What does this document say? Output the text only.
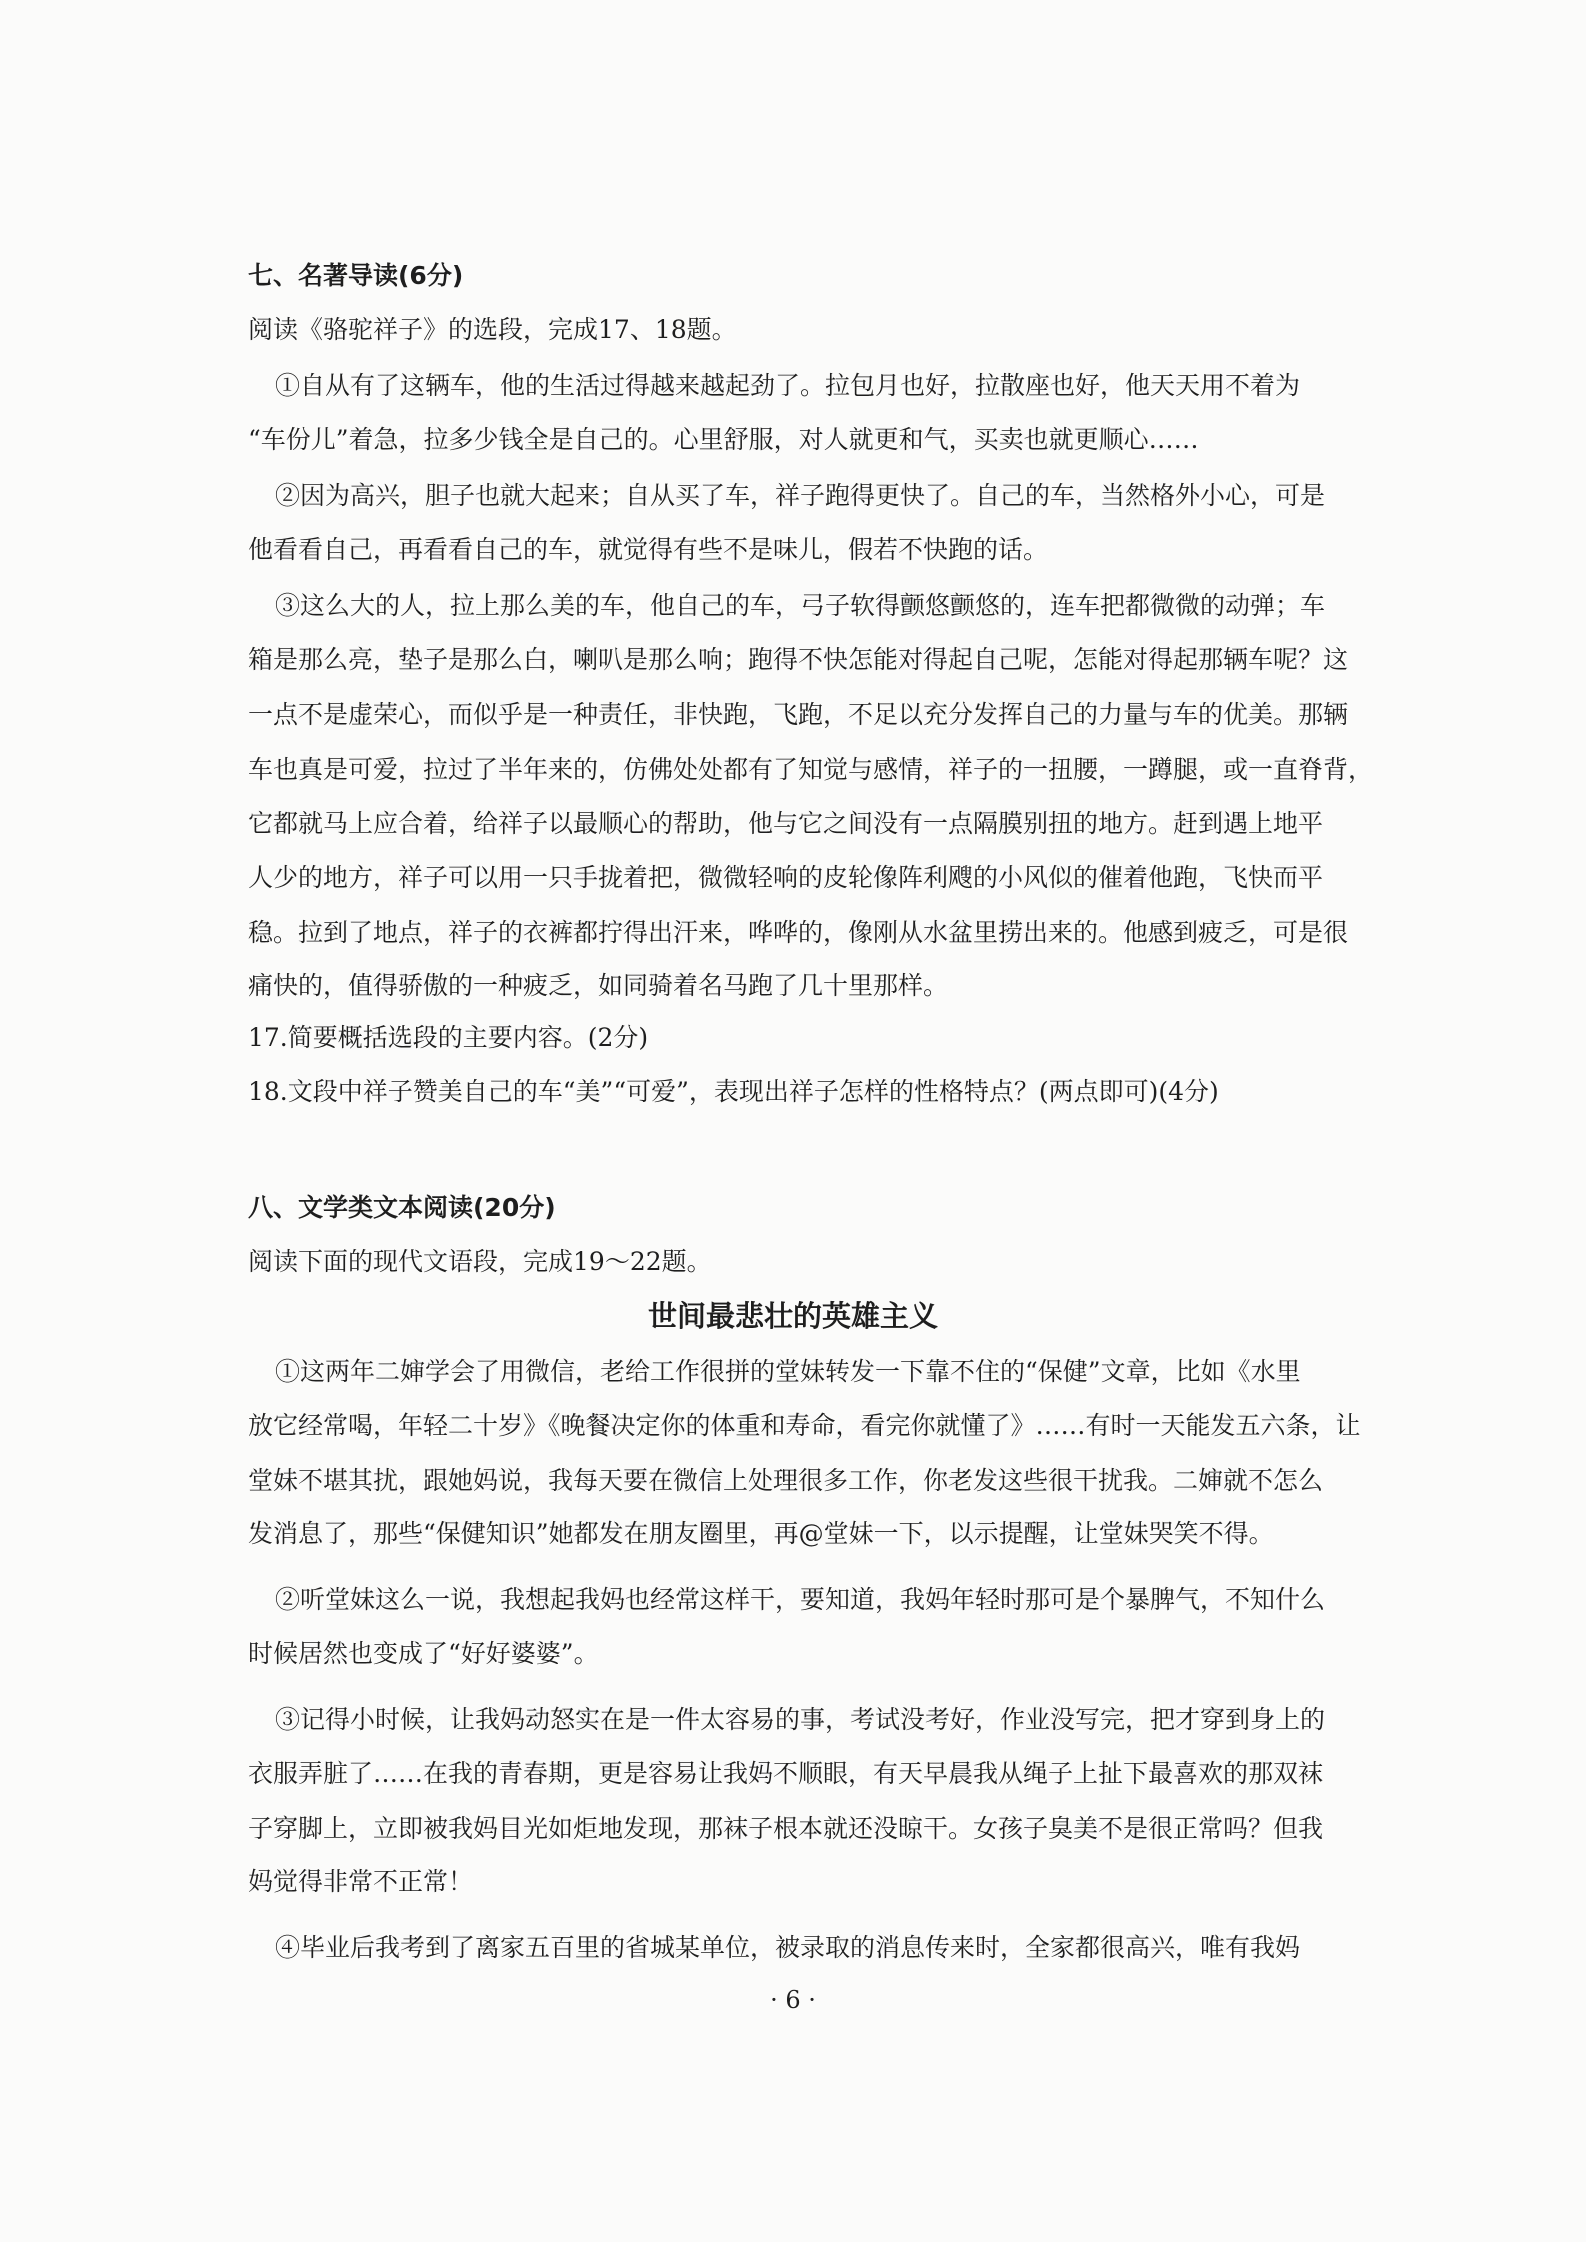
七、名著导读(6分)
阅读《骆驼祥子》的选段，完成17、18题。
①自从有了这辆车，他的生活过得越来越起劲了。拉包月也好，拉散座也好，他天天用不着为
“车份儿”着急，拉多少钱全是自己的。心里舒服，对人就更和气，买卖也就更顺心……
②因为高兴，胆子也就大起来；自从买了车，祥子跑得更快了。自己的车，当然格外小心，可是
他看看自己，再看看自己的车，就觉得有些不是味儿，假若不快跑的话。
③这么大的人，拉上那么美的车，他自己的车，弓子软得颤悠颤悠的，连车把都微微的动弹；车
箱是那么亮，垫子是那么白，喇叭是那么响；跑得不快怎能对得起自己呢，怎能对得起那辆车呢？这
一点不是虚荣心，而似乎是一种责任，非快跑，飞跑，不足以充分发挥自己的力量与车的优美。那辆
车也真是可爱，拉过了半年来的，仿佛处处都有了知觉与感情，祥子的一扭腰，一蹲腿，或一直脊背，
它都就马上应合着，给祥子以最顺心的帮助，他与它之间没有一点隔膜别扭的地方。赶到遇上地平
人少的地方，祥子可以用一只手拢着把，微微轻响的皮轮像阵利飕的小风似的催着他跑，飞快而平
稳。拉到了地点，祥子的衣裤都拧得出汗来，哗哗的，像刚从水盆里捞出来的。他感到疲乏，可是很
痛快的，值得骄傲的一种疲乏，如同骑着名马跑了几十里那样。
17.简要概括选段的主要内容。(2分)
18.文段中祥子赞美自己的车“美”“可爱”，表现出祥子怎样的性格特点？(两点即可)(4分)
八、文学类文本阅读(20分)
阅读下面的现代文语段，完成19～22题。
世间最悲壮的英雄主义
①这两年二婶学会了用微信，老给工作很拼的堂妹转发一下靠不住的“保健”文章，比如《水里
放它经常喝，年轻二十岁》《晚餐决定你的体重和寿命，看完你就懂了》……有时一天能发五六条，让
堂妹不堪其扰，跟她妈说，我每天要在微信上处理很多工作，你老发这些很干扰我。二婶就不怎么
发消息了，那些“保健知识”她都发在朋友圈里，再@堂妹一下，以示提醒，让堂妹哭笑不得。
②听堂妹这么一说，我想起我妈也经常这样干，要知道，我妈年轻时那可是个暴脾气，不知什么
时候居然也变成了“好好婆婆”。
③记得小时候，让我妈动怒实在是一件太容易的事，考试没考好，作业没写完，把才穿到身上的
衣服弄脏了……在我的青春期，更是容易让我妈不顺眼，有天早晨我从绳子上扯下最喜欢的那双袜
子穿脚上，立即被我妈目光如炬地发现，那袜子根本就还没晾干。女孩子臭美不是很正常吗？但我
妈觉得非常不正常！
④毕业后我考到了离家五百里的省城某单位，被录取的消息传来时，全家都很高兴，唯有我妈
· 6 ·
